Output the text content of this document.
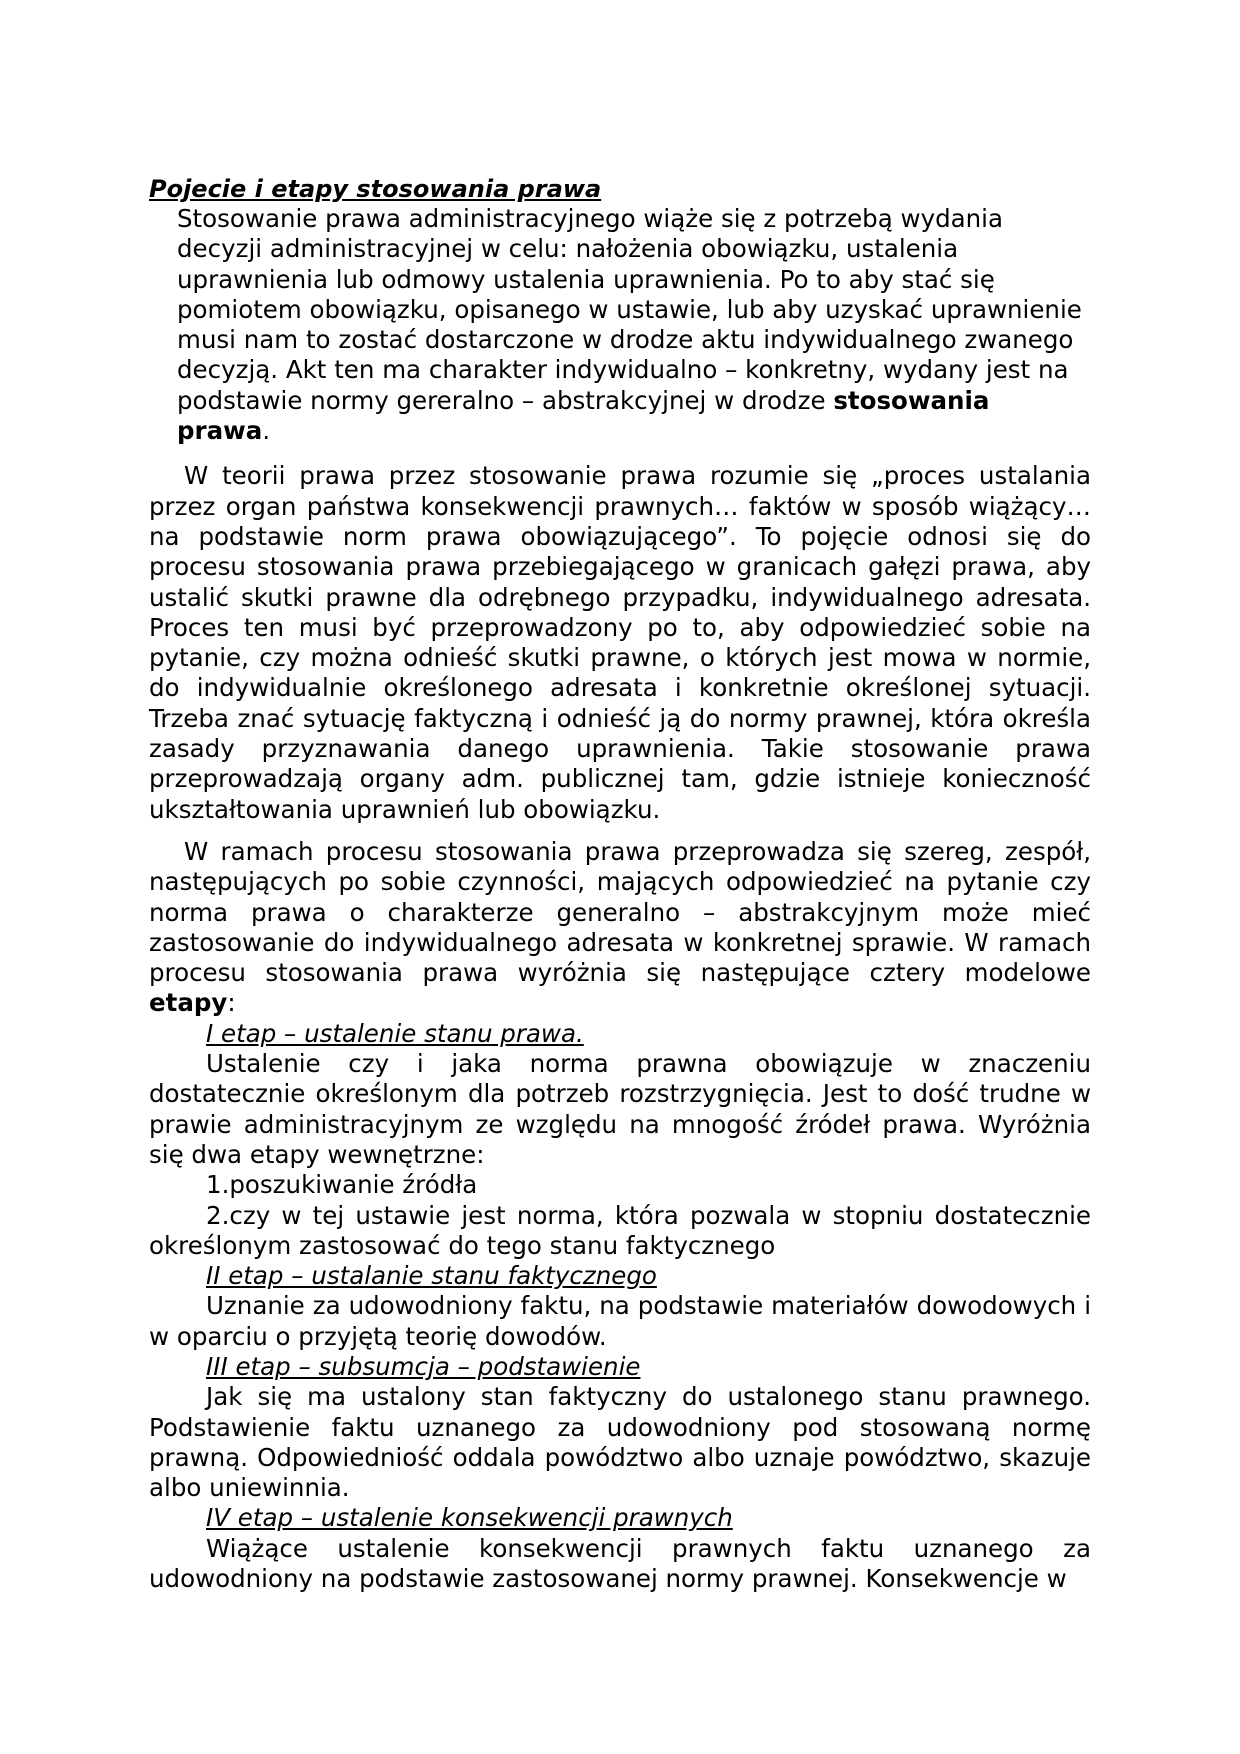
Pojecie i etapy stosowania prawa

Stosowanie prawa administracyjnego wiąże się z potrzebą wydania decyzji administracyjnej w celu: nałożenia obowiązku, ustalenia uprawnienia lub odmowy ustalenia uprawnienia. Po to aby stać się pomiotem obowiązku, opisanego w ustawie, lub aby uzyskać uprawnienie musi nam to zostać dostarczone w drodze aktu indywidualnego zwanego decyzją. Akt ten ma charakter indywidualno – konkretny, wydany jest na podstawie normy gereralno – abstrakcyjnej w drodze stosowania prawa.

W teorii prawa przez stosowanie prawa rozumie się „proces ustalania przez organ państwa konsekwencji prawnych… faktów w sposób wiążący… na podstawie norm prawa obowiązującego”. To pojęcie odnosi się do procesu stosowania prawa przebiegającego w granicach gałęzi prawa, aby ustalić skutki prawne dla odrębnego przypadku, indywidualnego adresata. Proces ten musi być przeprowadzony po to, aby odpowiedzieć sobie na pytanie, czy można odnieść skutki prawne, o których jest mowa w normie, do indywidualnie określonego adresata i konkretnie określonej sytuacji. Trzeba znać sytuację faktyczną i odnieść ją do normy prawnej, która określa zasady przyznawania danego uprawnienia. Takie stosowanie prawa przeprowadzają organy adm. publicznej tam, gdzie istnieje konieczność ukształtowania uprawnień lub obowiązku.

W ramach procesu stosowania prawa przeprowadza się szereg, zespół, następujących po sobie czynności, mających odpowiedzieć na pytanie czy norma prawa o charakterze generalno – abstrakcyjnym może mieć zastosowanie do indywidualnego adresata w konkretnej sprawie. W ramach procesu stosowania prawa wyróżnia się następujące cztery modelowe etapy:

I etap – ustalenie stanu prawa.

Ustalenie czy i jaka norma prawna obowiązuje w znaczeniu dostatecznie określonym dla potrzeb rozstrzygnięcia. Jest to dość trudne w prawie administracyjnym ze względu na mnogość źródeł prawa. Wyróżnia się dwa etapy wewnętrzne:

1.poszukiwanie źródła

2.czy w tej ustawie jest norma, która pozwala w stopniu dostatecznie określonym zastosować do tego stanu faktycznego

II etap – ustalanie stanu faktycznego

Uznanie za udowodniony faktu, na podstawie materiałów dowodowych i w oparciu o przyjętą teorię dowodów.

III etap – subsumcja – podstawienie

Jak się ma ustalony stan faktyczny do ustalonego stanu prawnego. Podstawienie faktu uznanego za udowodniony pod stosowaną normę prawną. Odpowiedniość oddala powództwo albo uznaje powództwo, skazuje albo uniewinnia.

IV etap – ustalenie konsekwencji prawnych

Wiążące ustalenie konsekwencji prawnych faktu uznanego za udowodniony na podstawie zastosowanej normy prawnej. Konsekwencje w
